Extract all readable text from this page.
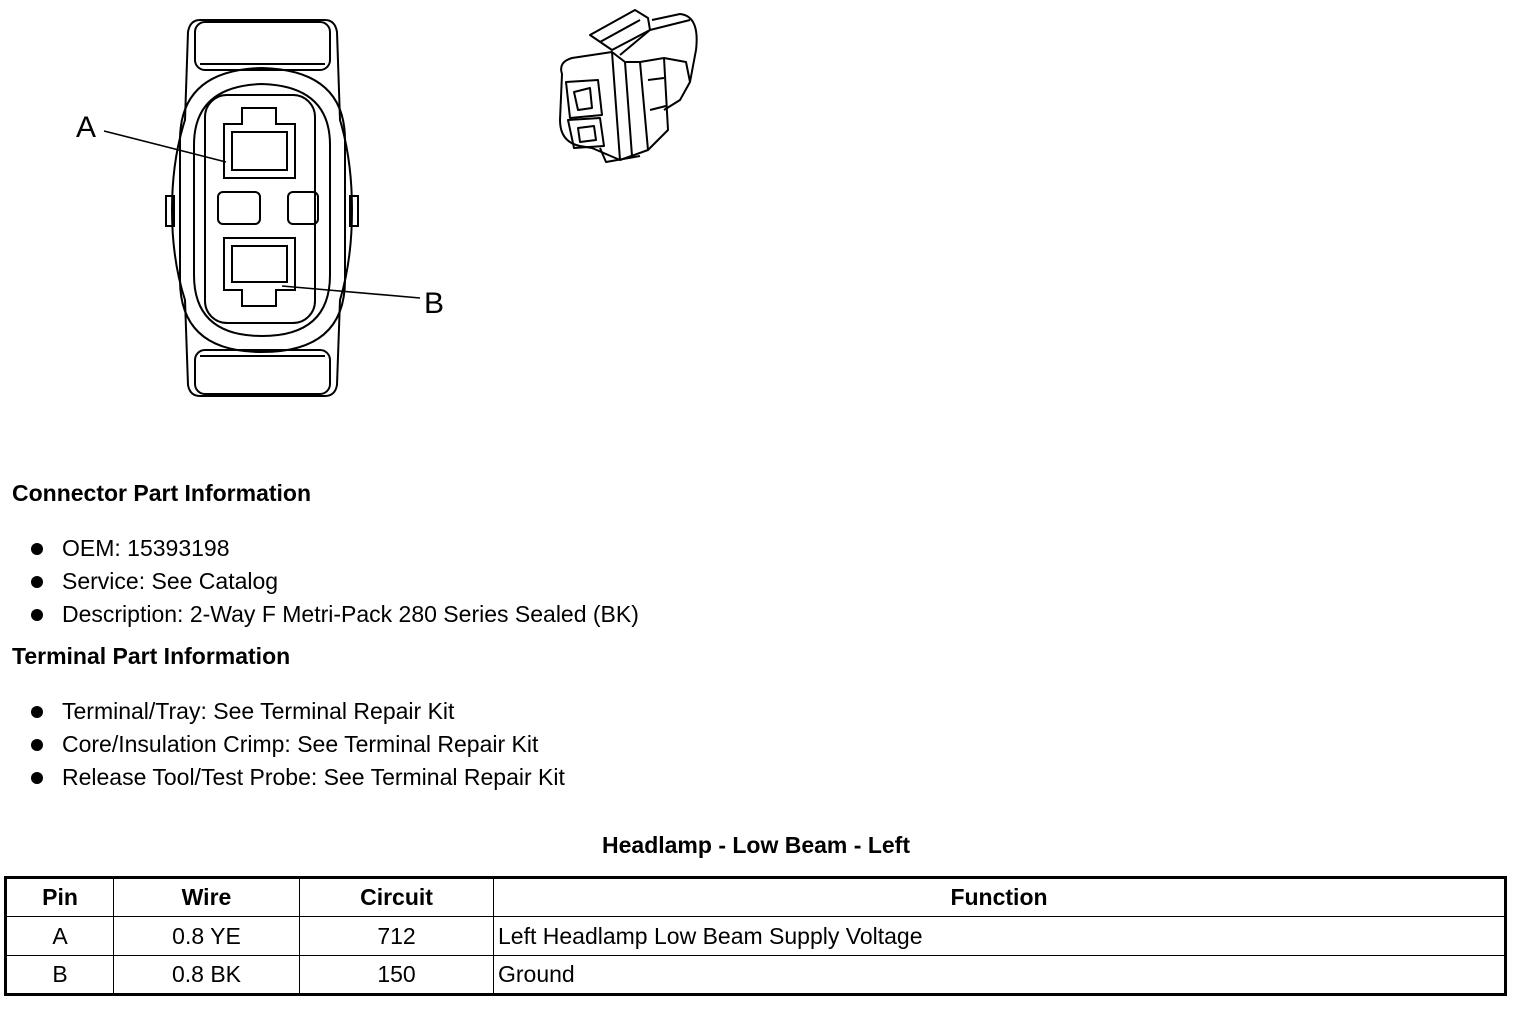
A
B
Connector Part Information
OEM: 15393198
Service: See Catalog
Description: 2-Way F Metri-Pack 280 Series Sealed (BK)
Terminal Part Information
Terminal/Tray: See Terminal Repair Kit
Core/Insulation Crimp: See Terminal Repair Kit
Release Tool/Test Probe: See Terminal Repair Kit
Headlamp - Low Beam - Left
Pin	Wire	Circuit	Function
A	0.8 YE	712	Left Headlamp Low Beam Supply Voltage
B	0.8 BK	150	Ground
